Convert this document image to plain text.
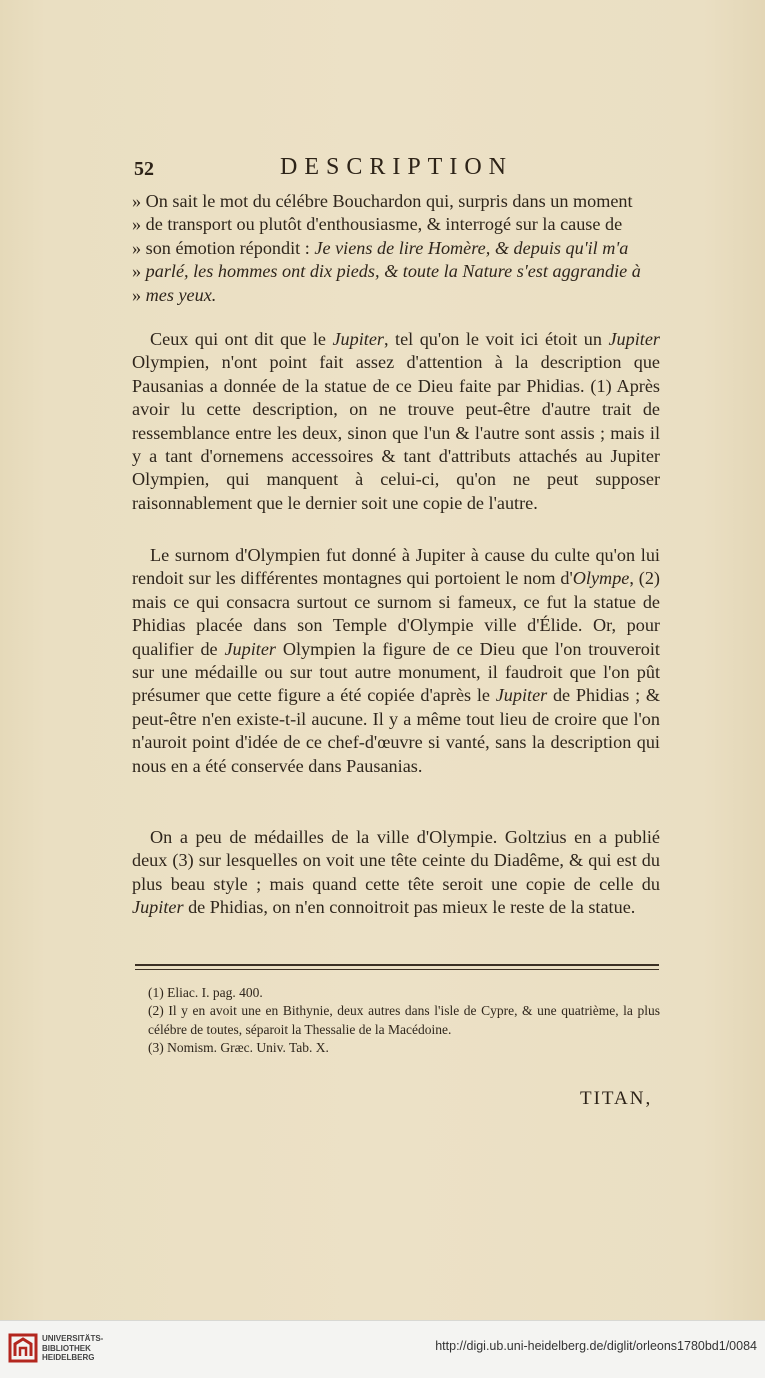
52	DESCRIPTION
» On sait le mot du célébre Bouchardon qui, surpris dans un moment
» de transport ou plutôt d'enthousiasme, & interrogé sur la cause de
» son émotion répondit : Je viens de lire Homère, & depuis qu'il m'a
» parlé, les hommes ont dix pieds, & toute la Nature s'est aggrandie à
» mes yeux.

Ceux qui ont dit que le Jupiter, tel qu'on le voit ici étoit un Jupiter Olympien, n'ont point fait assez d'attention à la description que Pausanias a donnée de la statue de ce Dieu faite par Phidias. (1) Après avoir lu cette description, on ne trouve peut-être d'autre trait de ressemblance entre les deux, sinon que l'un & l'autre sont assis ; mais il y a tant d'ornemens accessoires & tant d'attributs attachés au Jupiter Olympien, qui manquent à celui-ci, qu'on ne peut supposer raisonnablement que le dernier soit une copie de l'autre.

Le surnom d'Olympien fut donné à Jupiter à cause du culte qu'on lui rendoit sur les différentes montagnes qui portoient le nom d'Olympe, (2) mais ce qui consacra surtout ce surnom si fameux, ce fut la statue de Phidias placée dans son Temple d'Olympie ville d'Élide. Or, pour qualifier de Jupiter Olympien la figure de ce Dieu que l'on trouveroit sur une médaille ou sur tout autre monument, il faudroit que l'on pût présumer que cette figure a été copiée d'après le Jupiter de Phidias ; & peut-être n'en existe-t-il aucune. Il y a même tout lieu de croire que l'on n'auroit point d'idée de ce chef-d'œuvre si vanté, sans la description qui nous en a été conservée dans Pausanias.

On a peu de médailles de la ville d'Olympie. Goltzius en a publié deux (3) sur lesquelles on voit une tête ceinte du Diadême, & qui est du plus beau style ; mais quand cette tête seroit une copie de celle du Jupiter de Phidias, on n'en connoitroit pas mieux le reste de la statue.

(1) Eliac. I. pag. 400.

(2) Il y en avoit une en Bithynie, deux autres dans l'isle de Cypre, & une quatrième, la plus célébre de toutes, séparoit la Thessalie de la Macédoine.

(3) Nomism. Græc. Univ. Tab. X.

TITAN,
UNIVERSITÄTS-
BIBLIOTHEK
HEIDELBERG
http://digi.ub.uni-heidelberg.de/diglit/orleons1780bd1/0084
